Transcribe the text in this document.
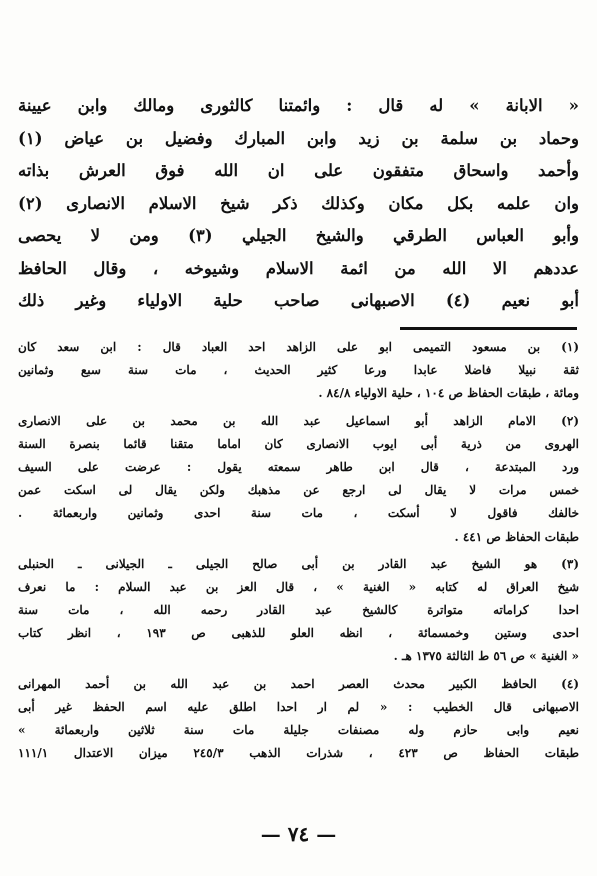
« الابانة » له قال : وائمتنا كالثورى ومالك وابن عيينة
وحماد بن سلمة بن زيد وابن المبارك وفضيل بن عياض (١)
وأحمد واسحاق متفقون على ان الله فوق العرش بذاته
وان علمه بكل مكان وكذلك ذكر شيخ الاسلام الانصارى (٢)
وأبو العباس الطرقي والشيخ الجيلي (٣) ومن لا يحصى
عددهم الا الله من ائمة الاسلام وشيوخه ، وقال الحافظ
أبو نعيم (٤) الاصبهانى صاحب حلية الاولياء وغير ذلك
(١) بن مسعود التميمى ابو على الزاهد احد العباد قال : ابن سعد كان
ثقة نبيلا فاضلا عابدا ورعا كثير الحديث ، مات سنة سبع وثمانين
ومائة ، طبقات الحفاظ ص ١٠٤ ، حلية الاولياء ٨٤/٨ .
(٢) الامام الزاهد أبو اسماعيل عبد الله بن محمد بن على الانصارى
الهروى من ذرية أبى ايوب الانصارى كان اماما متقنا قائما بنصرة السنة
ورد المبتدعة ، قال ابن طاهر سمعته يقول : عرضت على السيف
خمس مرات لا يقال لى ارجع عن مذهبك ولكن يقال لى اسكت عمن
خالفك فاقول لا أسكت ، مات سنة احدى وثمانين واربعمائة .
طبقات الحفاظ ص ٤٤١ .
(٣) هو الشيخ عبد القادر بن أبى صالح الجيلى ـ الجيلانى ـ الحنبلى
شيخ العراق له كتابه « الغنية » ، قال العز بن عبد السلام : ما نعرف
احدا كراماته متواترة كالشيخ عبد القادر رحمه الله ، مات سنة
احدى وستين وخمسمائة ، انظه العلو للذهبى ص ١٩٣ ، انظر كتاب
« الغنية » ص ٥٦ ط الثالثة ١٣٧٥ هـ .
(٤) الحافظ الكبير محدث العصر احمد بن عبد الله بن أحمد المهرانى
الاصبهانى قال الخطيب : « لم ار احدا اطلق عليه اسم الحفظ غير أبى
نعيم وابى حازم وله مصنفات جليلة مات سنة ثلاثين واربعمائة »
طبقات الحفاظ ص ٤٢٣ ، شذرات الذهب ٢٤٥/٣ ميزان الاعتدال ١١١/١
— ٧٤ —
